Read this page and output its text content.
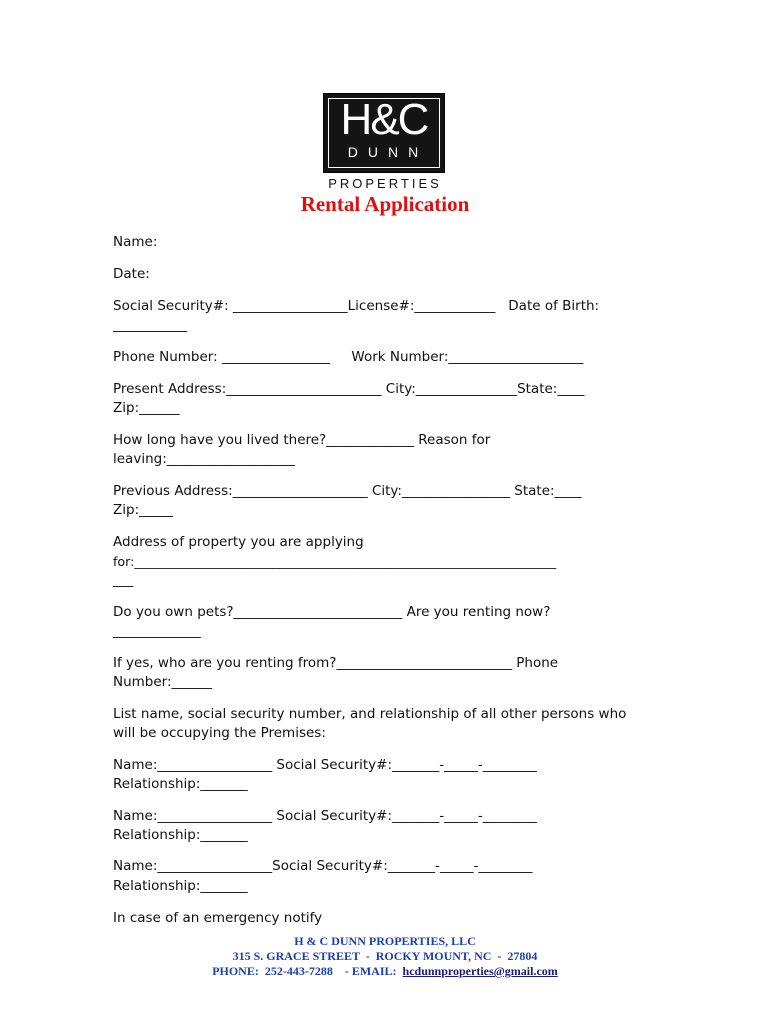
H&C
DUNN
PROPERTIES
Rental Application
Name:
Date:
Social Security#: _________________License#:____________   Date of Birth:
___________
Phone Number: ________________     Work Number:____________________
Present Address:_______________________ City:_______________State:____
Zip:______
How long have you lived there?_____________ Reason for
leaving:___________________
Previous Address:____________________ City:________________ State:____
Zip:_____
Address of property you are applying
for:___________________________________________________________________
___
Do you own pets?_________________________ Are you renting now?
_____________
If yes, who are you renting from?__________________________ Phone
Number:______
List name, social security number, and relationship of all other persons who
will be occupying the Premises:
Name:_________________ Social Security#:_______-_____-________
Relationship:_______
Name:_________________ Social Security#:_______-_____-________
Relationship:_______
Name:_________________Social Security#:_______-_____-________
Relationship:_______
In case of an emergency notify
H & C DUNN PROPERTIES, LLC
315 S. GRACE STREET  -  ROCKY MOUNT, NC  -  27804
PHONE:  252-443-7288    - EMAIL:  hcdunnproperties@gmail.com
